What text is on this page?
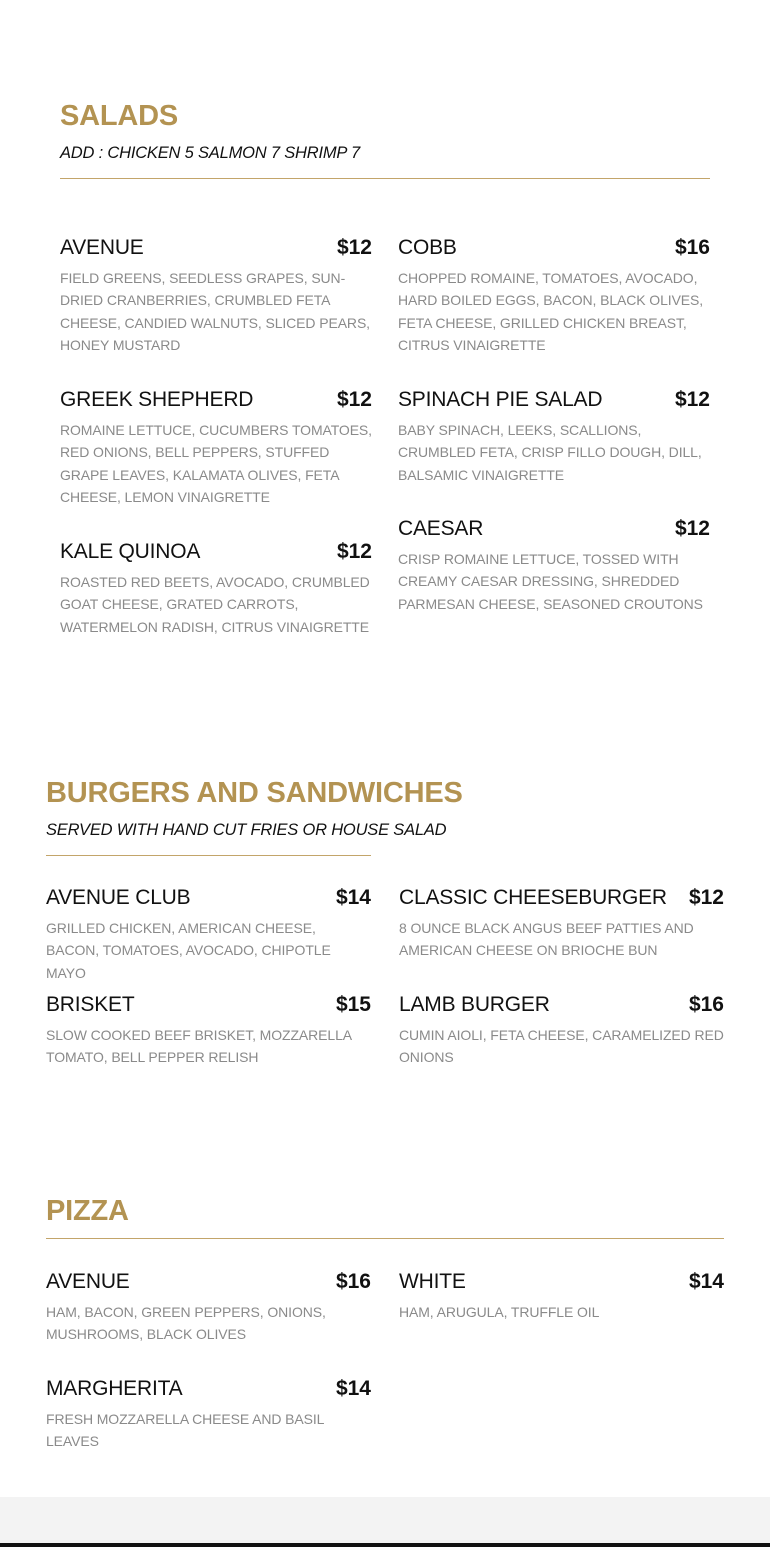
SALADS

ADD : CHICKEN 5 SALMON 7 SHRIMP 7

AVENUE	$12
FIELD GREENS, SEEDLESS GRAPES, SUN-DRIED CRANBERRIES, CRUMBLED FETA CHEESE, CANDIED WALNUTS, SLICED PEARS, HONEY MUSTARD
GREEK SHEPHERD	$12
ROMAINE LETTUCE, CUCUMBERS TOMATOES, RED ONIONS, BELL PEPPERS, STUFFED GRAPE LEAVES, KALAMATA OLIVES, FETA CHEESE, LEMON VINAIGRETTE
KALE QUINOA	$12
ROASTED RED BEETS, AVOCADO, CRUMBLED GOAT CHEESE, GRATED CARROTS, WATERMELON RADISH, CITRUS VINAIGRETTE
COBB	$16
CHOPPED ROMAINE, TOMATOES, AVOCADO, HARD BOILED EGGS, BACON, BLACK OLIVES, FETA CHEESE, GRILLED CHICKEN BREAST, CITRUS VINAIGRETTE
SPINACH PIE SALAD	$12
BABY SPINACH, LEEKS, SCALLIONS, CRUMBLED FETA, CRISP FILLO DOUGH, DILL, BALSAMIC VINAIGRETTE
CAESAR	$12
CRISP ROMAINE LETTUCE, TOSSED WITH CREAMY CAESAR DRESSING, SHREDDED PARMESAN CHEESE, SEASONED CROUTONS
BURGERS AND SANDWICHES

SERVED WITH HAND CUT FRIES OR HOUSE SALAD

AVENUE CLUB	$14
GRILLED CHICKEN, AMERICAN CHEESE, BACON, TOMATOES, AVOCADO, CHIPOTLE MAYO
BRISKET	$15
SLOW COOKED BEEF BRISKET, MOZZARELLA TOMATO, BELL PEPPER RELISH
CLASSIC CHEESEBURGER $12
8 OUNCE BLACK ANGUS BEEF PATTIES AND AMERICAN CHEESE ON BRIOCHE BUN
LAMB BURGER	$16
CUMIN AIOLI, FETA CHEESE, CARAMELIZED RED ONIONS
PIZZA
AVENUE	$16
HAM, BACON, GREEN PEPPERS, ONIONS, MUSHROOMS, BLACK OLIVES
MARGHERITA	$14
FRESH MOZZARELLA CHEESE AND BASIL LEAVES
WHITE	$14
HAM, ARUGULA, TRUFFLE OIL
